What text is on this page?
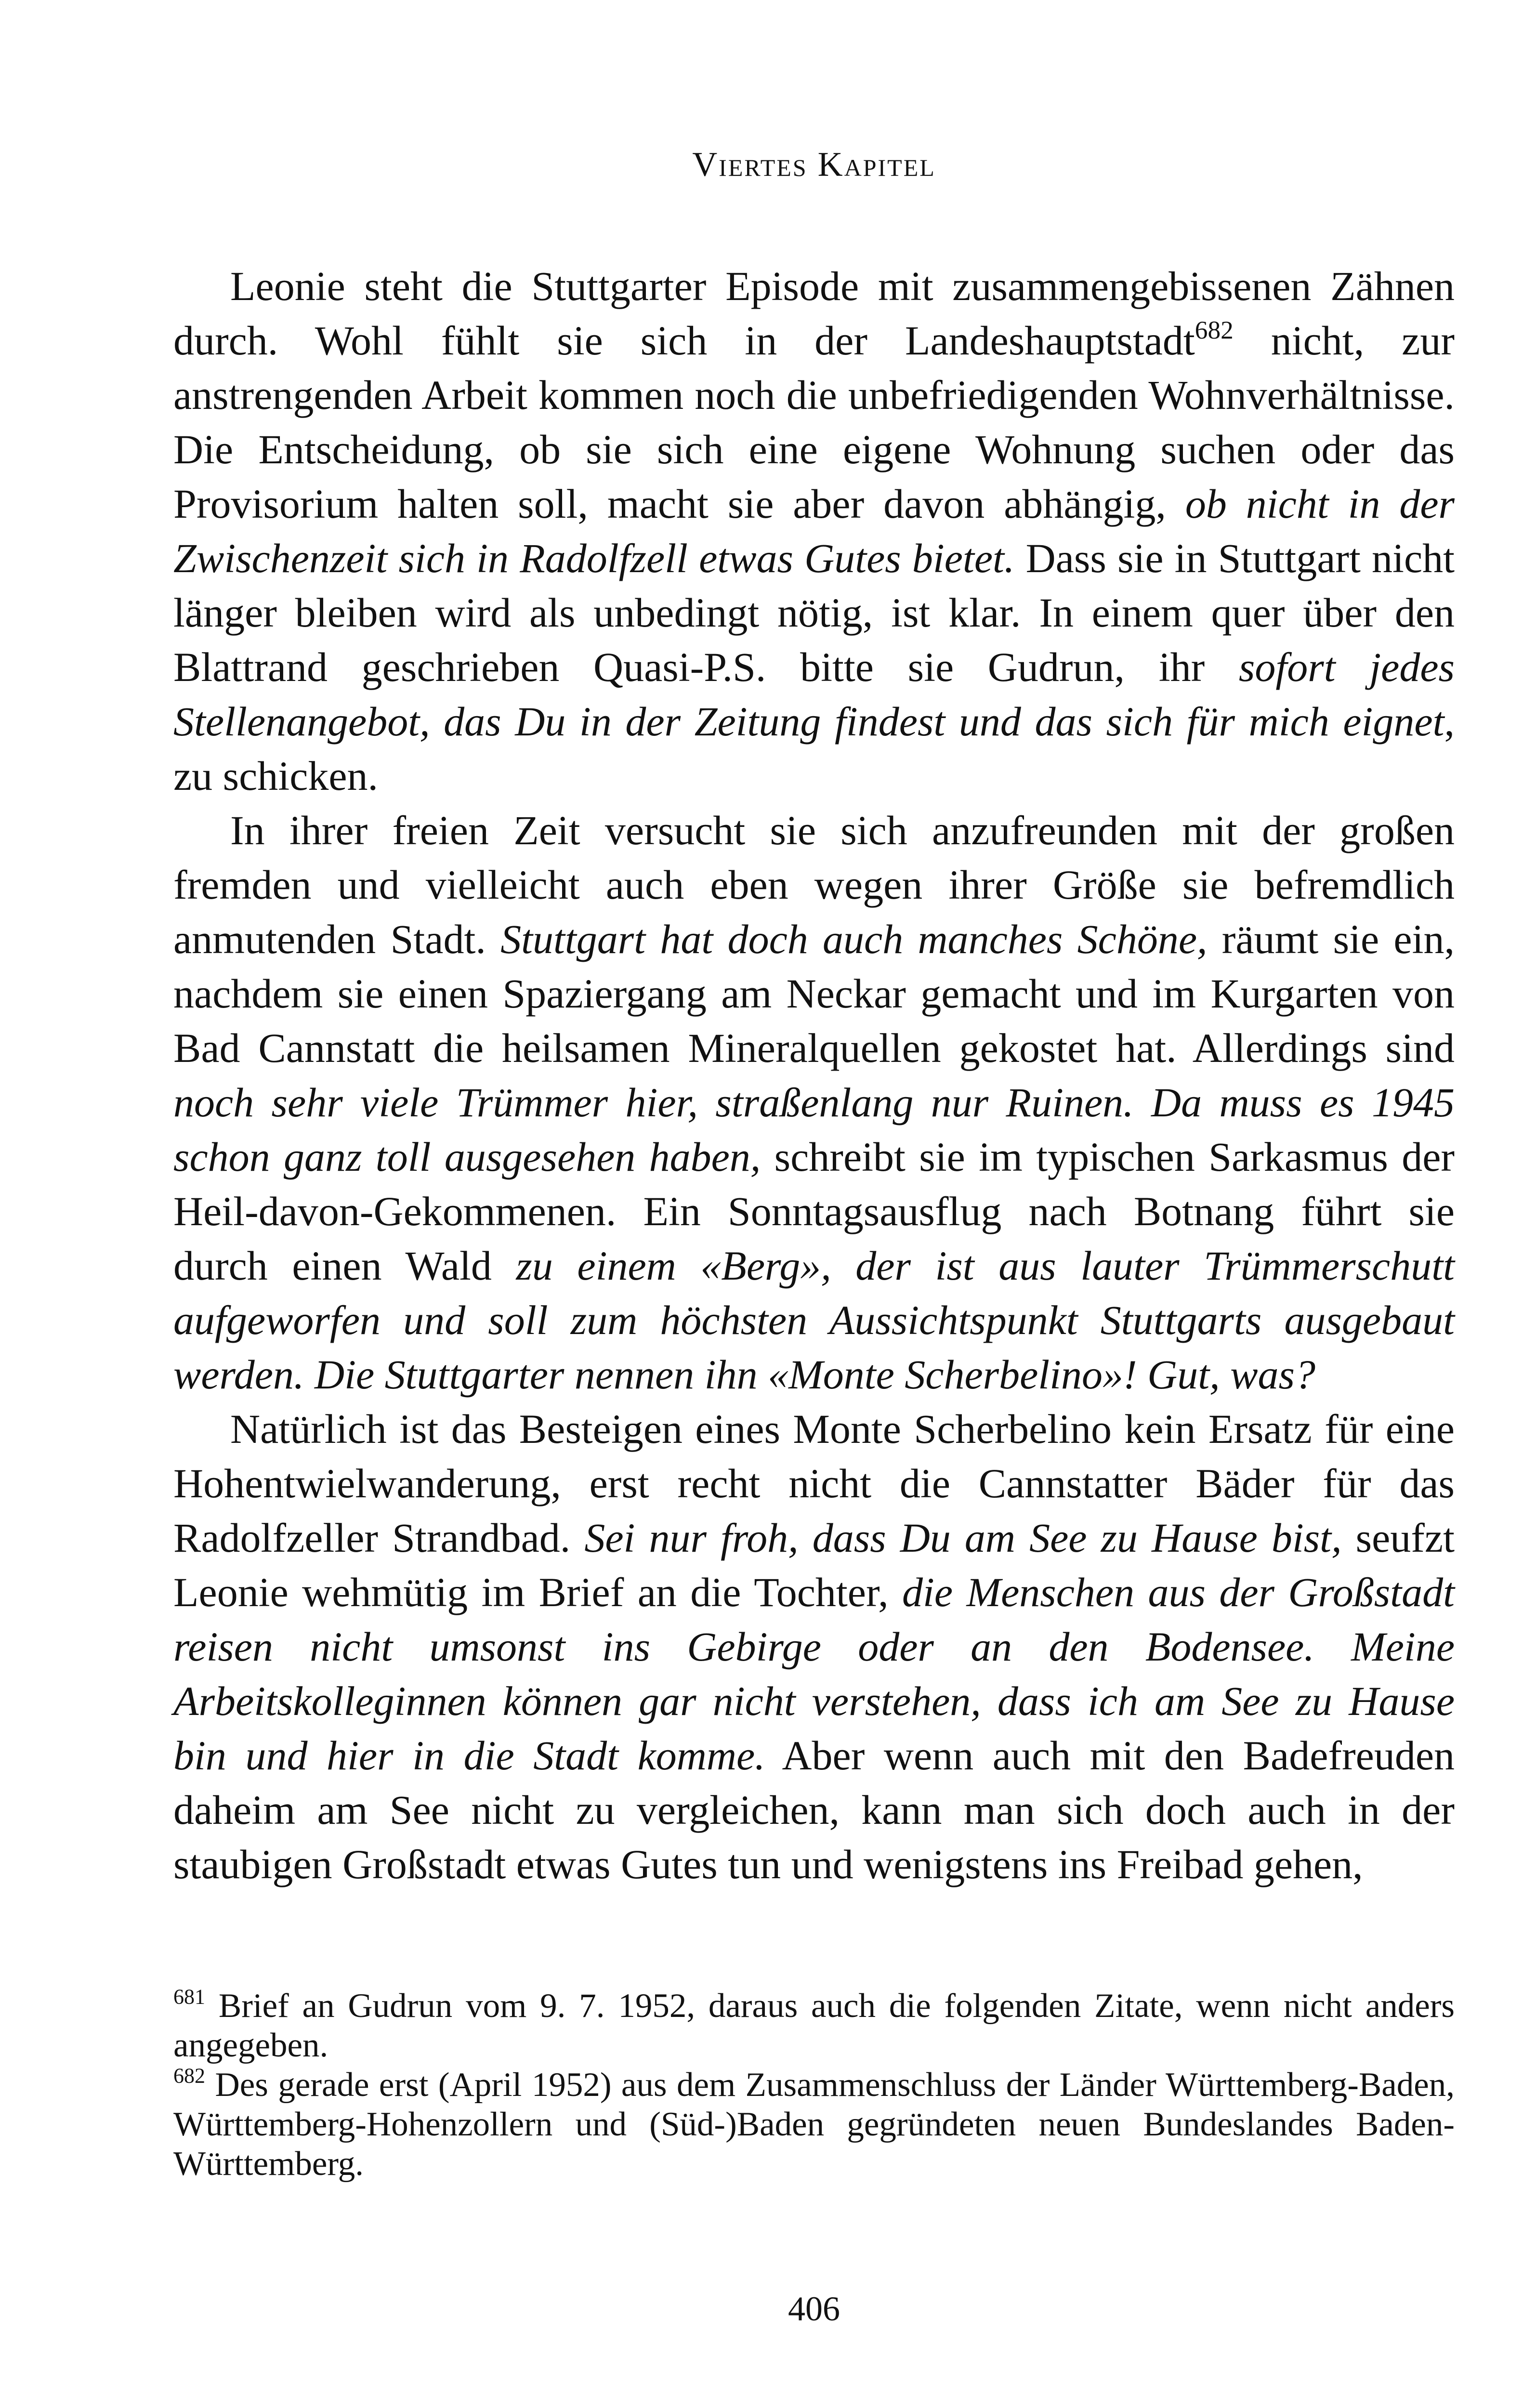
Viertes Kapitel

Leonie steht die Stuttgarter Episode mit zusammengebissenen Zähnen durch. Wohl fühlt sie sich in der Landeshauptstadt$^{682}$ nicht, zur anstrengenden Arbeit kommen noch die unbefriedigenden Wohnverhältnisse. Die Entscheidung, ob sie sich eine eigene Wohnung suchen oder das Provisorium halten soll, macht sie aber davon abhängig, ob nicht in der Zwischenzeit sich in Radolfzell etwas Gutes bietet. Dass sie in Stuttgart nicht länger bleiben wird als unbedingt nötig, ist klar. In einem quer über den Blattrand geschrieben Quasi-P.S. bitte sie Gudrun, ihr sofort jedes Stellenangebot, das Du in der Zeitung findest und das sich für mich eignet, zu schicken.

In ihrer freien Zeit versucht sie sich anzufreunden mit der großen fremden und vielleicht auch eben wegen ihrer Größe sie befremdlich anmutenden Stadt. Stuttgart hat doch auch manches Schöne, räumt sie ein, nachdem sie einen Spaziergang am Neckar gemacht und im Kurgarten von Bad Cannstatt die heilsamen Mineralquellen gekostet hat. Allerdings sind noch sehr viele Trümmer hier, straßenlang nur Ruinen. Da muss es 1945 schon ganz toll ausgesehen haben, schreibt sie im typischen Sarkasmus der Heil-davon-Gekommenen. Ein Sonntagsausflug nach Botnang führt sie durch einen Wald zu einem «Berg», der ist aus lauter Trümmerschutt aufgeworfen und soll zum höchsten Aussichtspunkt Stuttgarts ausgebaut werden. Die Stuttgarter nennen ihn «Monte Scherbelino»! Gut, was?

Natürlich ist das Besteigen eines Monte Scherbelino kein Ersatz für eine Hohentwielwanderung, erst recht nicht die Cannstatter Bäder für das Radolfzeller Strandbad. Sei nur froh, dass Du am See zu Hause bist, seufzt Leonie wehmütig im Brief an die Tochter, die Menschen aus der Großstadt reisen nicht umsonst ins Gebirge oder an den Bodensee. Meine Arbeitskolleginnen können gar nicht verstehen, dass ich am See zu Hause bin und hier in die Stadt komme. Aber wenn auch mit den Badefreuden daheim am See nicht zu vergleichen, kann man sich doch auch in der staubigen Großstadt etwas Gutes tun und wenigstens ins Freibad gehen,

$^{681}$ Brief an Gudrun vom 9. 7. 1952, daraus auch die folgenden Zitate, wenn nicht anders angegeben.

$^{682}$ Des gerade erst (April 1952) aus dem Zusammenschluss der Länder Württemberg-Baden, Württemberg-Hohenzollern und (Süd-)Baden gegründeten neuen Bundeslandes Baden-Württemberg.

406
